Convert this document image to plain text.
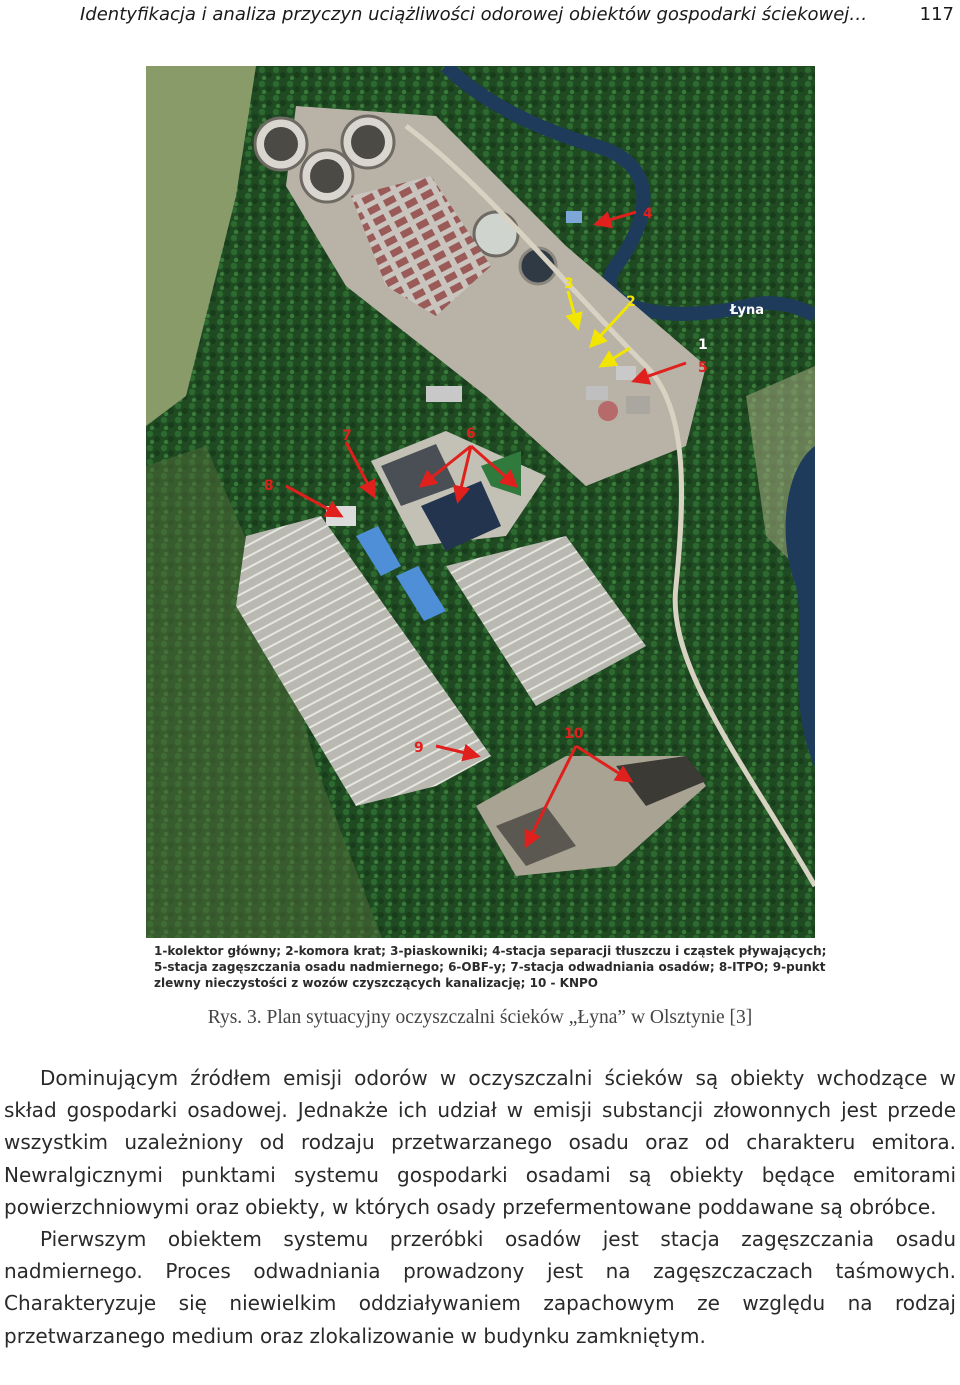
Identyfikacja i analiza przyczyn uciążliwości odorowej obiektów gospodarki ściekowej…	117
Łyna
1
2
3
4
5
6
7
8
9
10
1-kolektor główny; 2-komora krat; 3-piaskowniki; 4-stacja separacji tłuszczu i cząstek pływających;
5-stacja zagęszczania osadu nadmiernego; 6-OBF-y; 7-stacja odwadniania osadów; 8-ITPO; 9-punkt
zlewny nieczystości z wozów czyszczących kanalizację; 10 - KNPO
Rys. 3. Plan sytuacyjny oczyszczalni ścieków „Łyna” w Olsztynie [3]

Dominującym źródłem emisji odorów w oczyszczalni ścieków są obiekty wchodzące w skład gospodarki osadowej. Jednakże ich udział w emisji substancji złowonnych jest przede wszystkim uzależniony od rodzaju przetwarzanego osadu oraz od charakteru emitora. Newralgicznymi punktami systemu gospodarki osadami są obiekty będące emitorami powierzchniowymi oraz obiekty, w których osady przefermentowane poddawane są obróbce.

Pierwszym obiektem systemu przeróbki osadów jest stacja zagęszczania osadu nadmiernego. Proces odwadniania prowadzony jest na zagęszczaczach taśmowych. Charakteryzuje się niewielkim oddziaływaniem zapachowym ze względu na rodzaj przetwarzanego medium oraz zlokalizowanie w budynku zamkniętym.
